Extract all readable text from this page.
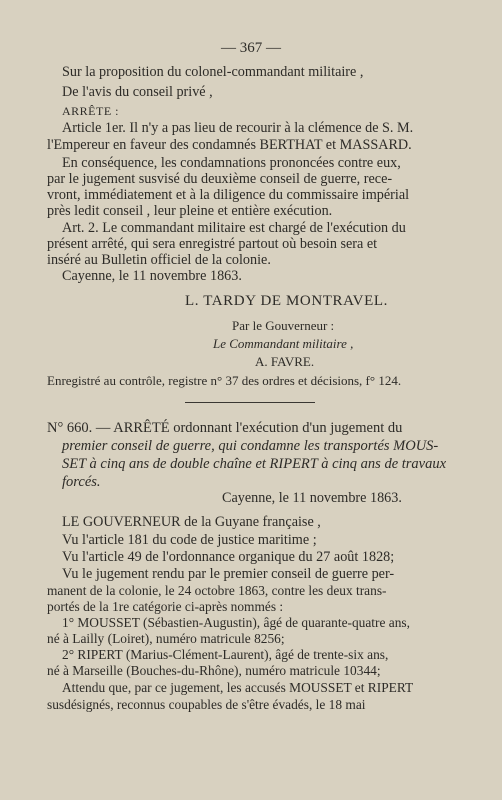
— 367 —
Sur la proposition du colonel-commandant militaire ,
De l'avis du conseil privé ,
ARRÊTE :
Article 1er. Il n'y a pas lieu de recourir à la clémence de S. M.
l'Empereur en faveur des condamnés BERTHAT et MASSARD.
En conséquence, les condamnations prononcées contre eux,
par le jugement susvisé du deuxième conseil de guerre, rece-
vront, immédiatement et à la diligence du commissaire impérial
près ledit conseil , leur pleine et entière exécution.
Art. 2. Le commandant militaire est chargé de l'exécution du
présent arrêté, qui sera enregistré partout où besoin sera et
inséré au Bulletin officiel de la colonie.
Cayenne, le 11 novembre 1863.
L. TARDY DE MONTRAVEL.
Par le Gouverneur :
Le Commandant militaire ,
A. FAVRE.
Enregistré au contrôle, registre n° 37 des ordres et décisions, f° 124.
N° 660. — ARRÊTÉ ordonnant l'exécution d'un jugement du
premier conseil de guerre, qui condamne les transportés MOUS-
SET à cinq ans de double chaîne et RIPERT à cinq ans de travaux
forcés.
Cayenne, le 11 novembre 1863.
LE GOUVERNEUR de la Guyane française ,
Vu l'article 181 du code de justice maritime ;
Vu l'article 49 de l'ordonnance organique du 27 août 1828;
Vu le jugement rendu par le premier conseil de guerre per-
manent de la colonie, le 24 octobre 1863, contre les deux trans-
portés de la 1re catégorie ci-après nommés :
1° MOUSSET (Sébastien-Augustin), âgé de quarante-quatre ans,
né à Lailly (Loiret), numéro matricule 8256;
2° RIPERT (Marius-Clément-Laurent), âgé de trente-six ans,
né à Marseille (Bouches-du-Rhône), numéro matricule 10344;
Attendu que, par ce jugement, les accusés MOUSSET et RIPERT
susdésignés, reconnus coupables de s'être évadés, le 18 mai
